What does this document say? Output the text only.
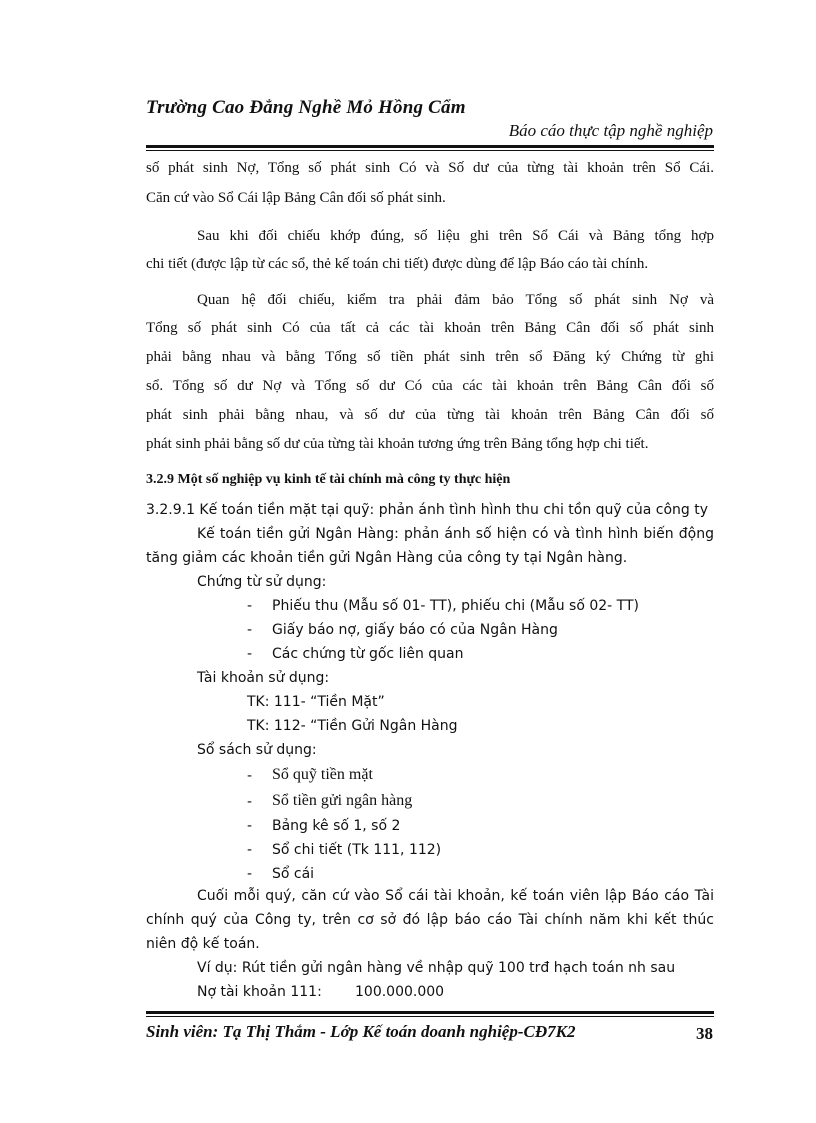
Trường Cao Đẳng Nghề Mỏ Hồng Cẩm
Báo cáo thực tập nghề nghiệp

số phát sinh Nợ, Tổng số phát sinh Có và Số dư của từng tài khoản trên Sổ Cái.

Căn cứ vào Sổ Cái lập Bảng Cân đối số phát sinh.

Sau khi đối chiếu khớp đúng, số liệu ghi trên Sổ Cái và Bảng tổng hợp

chi tiết (được lập từ các sổ, thẻ kế toán chi tiết) được dùng để lập Báo cáo tài chính.

Quan hệ đối chiếu, kiểm tra phải đảm bảo Tổng số phát sinh Nợ và

Tổng số phát sinh Có của tất cả các tài khoản trên Bảng Cân đối số phát sinh

phải bằng nhau và bằng Tổng số tiền phát sinh trên sổ Đăng ký Chứng từ ghi

sổ. Tổng số dư Nợ và Tổng số dư Có của các tài khoản trên Bảng Cân đối số

phát sinh phải bằng nhau, và số dư của từng tài khoản trên Bảng Cân đối số

phát sinh phải bằng số dư của từng tài khoản tương ứng trên Bảng tổng hợp chi tiết.

3.2.9 Một số nghiệp vụ kinh tế tài chính mà công ty thực hiện

3.2.9.1 Kế toán tiền mặt tại quỹ: phản ánh tình hình thu chi tồn quỹ của công ty

Kế toán tiền gửi Ngân Hàng: phản ánh số hiện có và tình hình biến động

tăng giảm các khoản tiền gửi Ngân Hàng của công ty tại Ngân hàng.

Chứng từ sử dụng:

- Phiếu thu (Mẫu số 01- TT), phiếu chi (Mẫu số 02- TT)
- Giấy báo nợ, giấy báo có của Ngân Hàng
- Các chứng từ gốc liên quan

Tài khoản sử dụng:

TK: 111- “Tiền Mặt”
TK: 112- “Tiền Gửi Ngân Hàng

Sổ sách sử dụng:

- Sổ quỹ tiền mặt
- Sổ tiền gửi ngân hàng
- Bảng kê số 1, số 2
- Sổ chi tiết (Tk 111, 112)
- Sổ cái

Cuối mỗi quý, căn cứ vào Sổ cái tài khoản, kế toán viên lập Báo cáo Tài

chính quý của Công ty, trên cơ sở đó lập báo cáo Tài chính năm khi kết thúc

niên độ kế toán.

Ví dụ: Rút tiền gửi ngân hàng về nhập quỹ 100 trđ hạch toán nh sau

Nợ tài khoản 111: 100.000.000
Sinh viên: Tạ Thị Thắm - Lớp Kế toán doanh nghiệp-CĐ7K2	38
